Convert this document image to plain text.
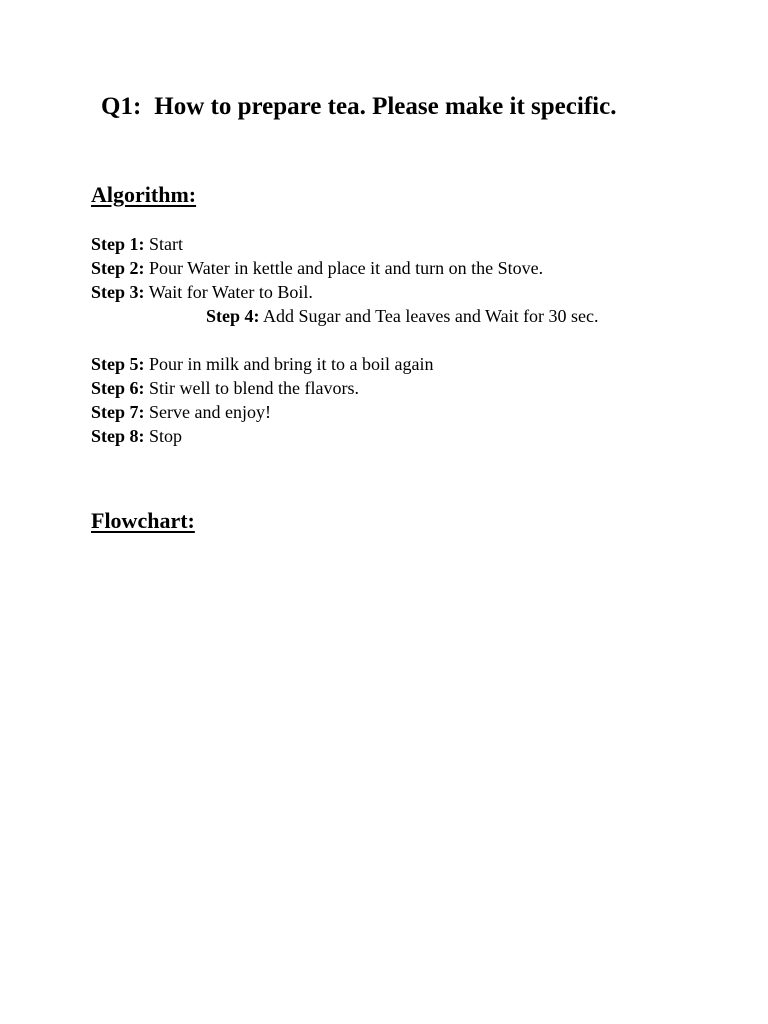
Q1: How to prepare tea. Please make it specific.
Algorithm:
Step 1: Start
Step 2: Pour Water in kettle and place it and turn on the Stove.
Step 3: Wait for Water to Boil.
Step 4: Add Sugar and Tea leaves and Wait for 30 sec.
Step 5: Pour in milk and bring it to a boil again
Step 6: Stir well to blend the flavors.
Step 7: Serve and enjoy!
Step 8: Stop
Flowchart:
